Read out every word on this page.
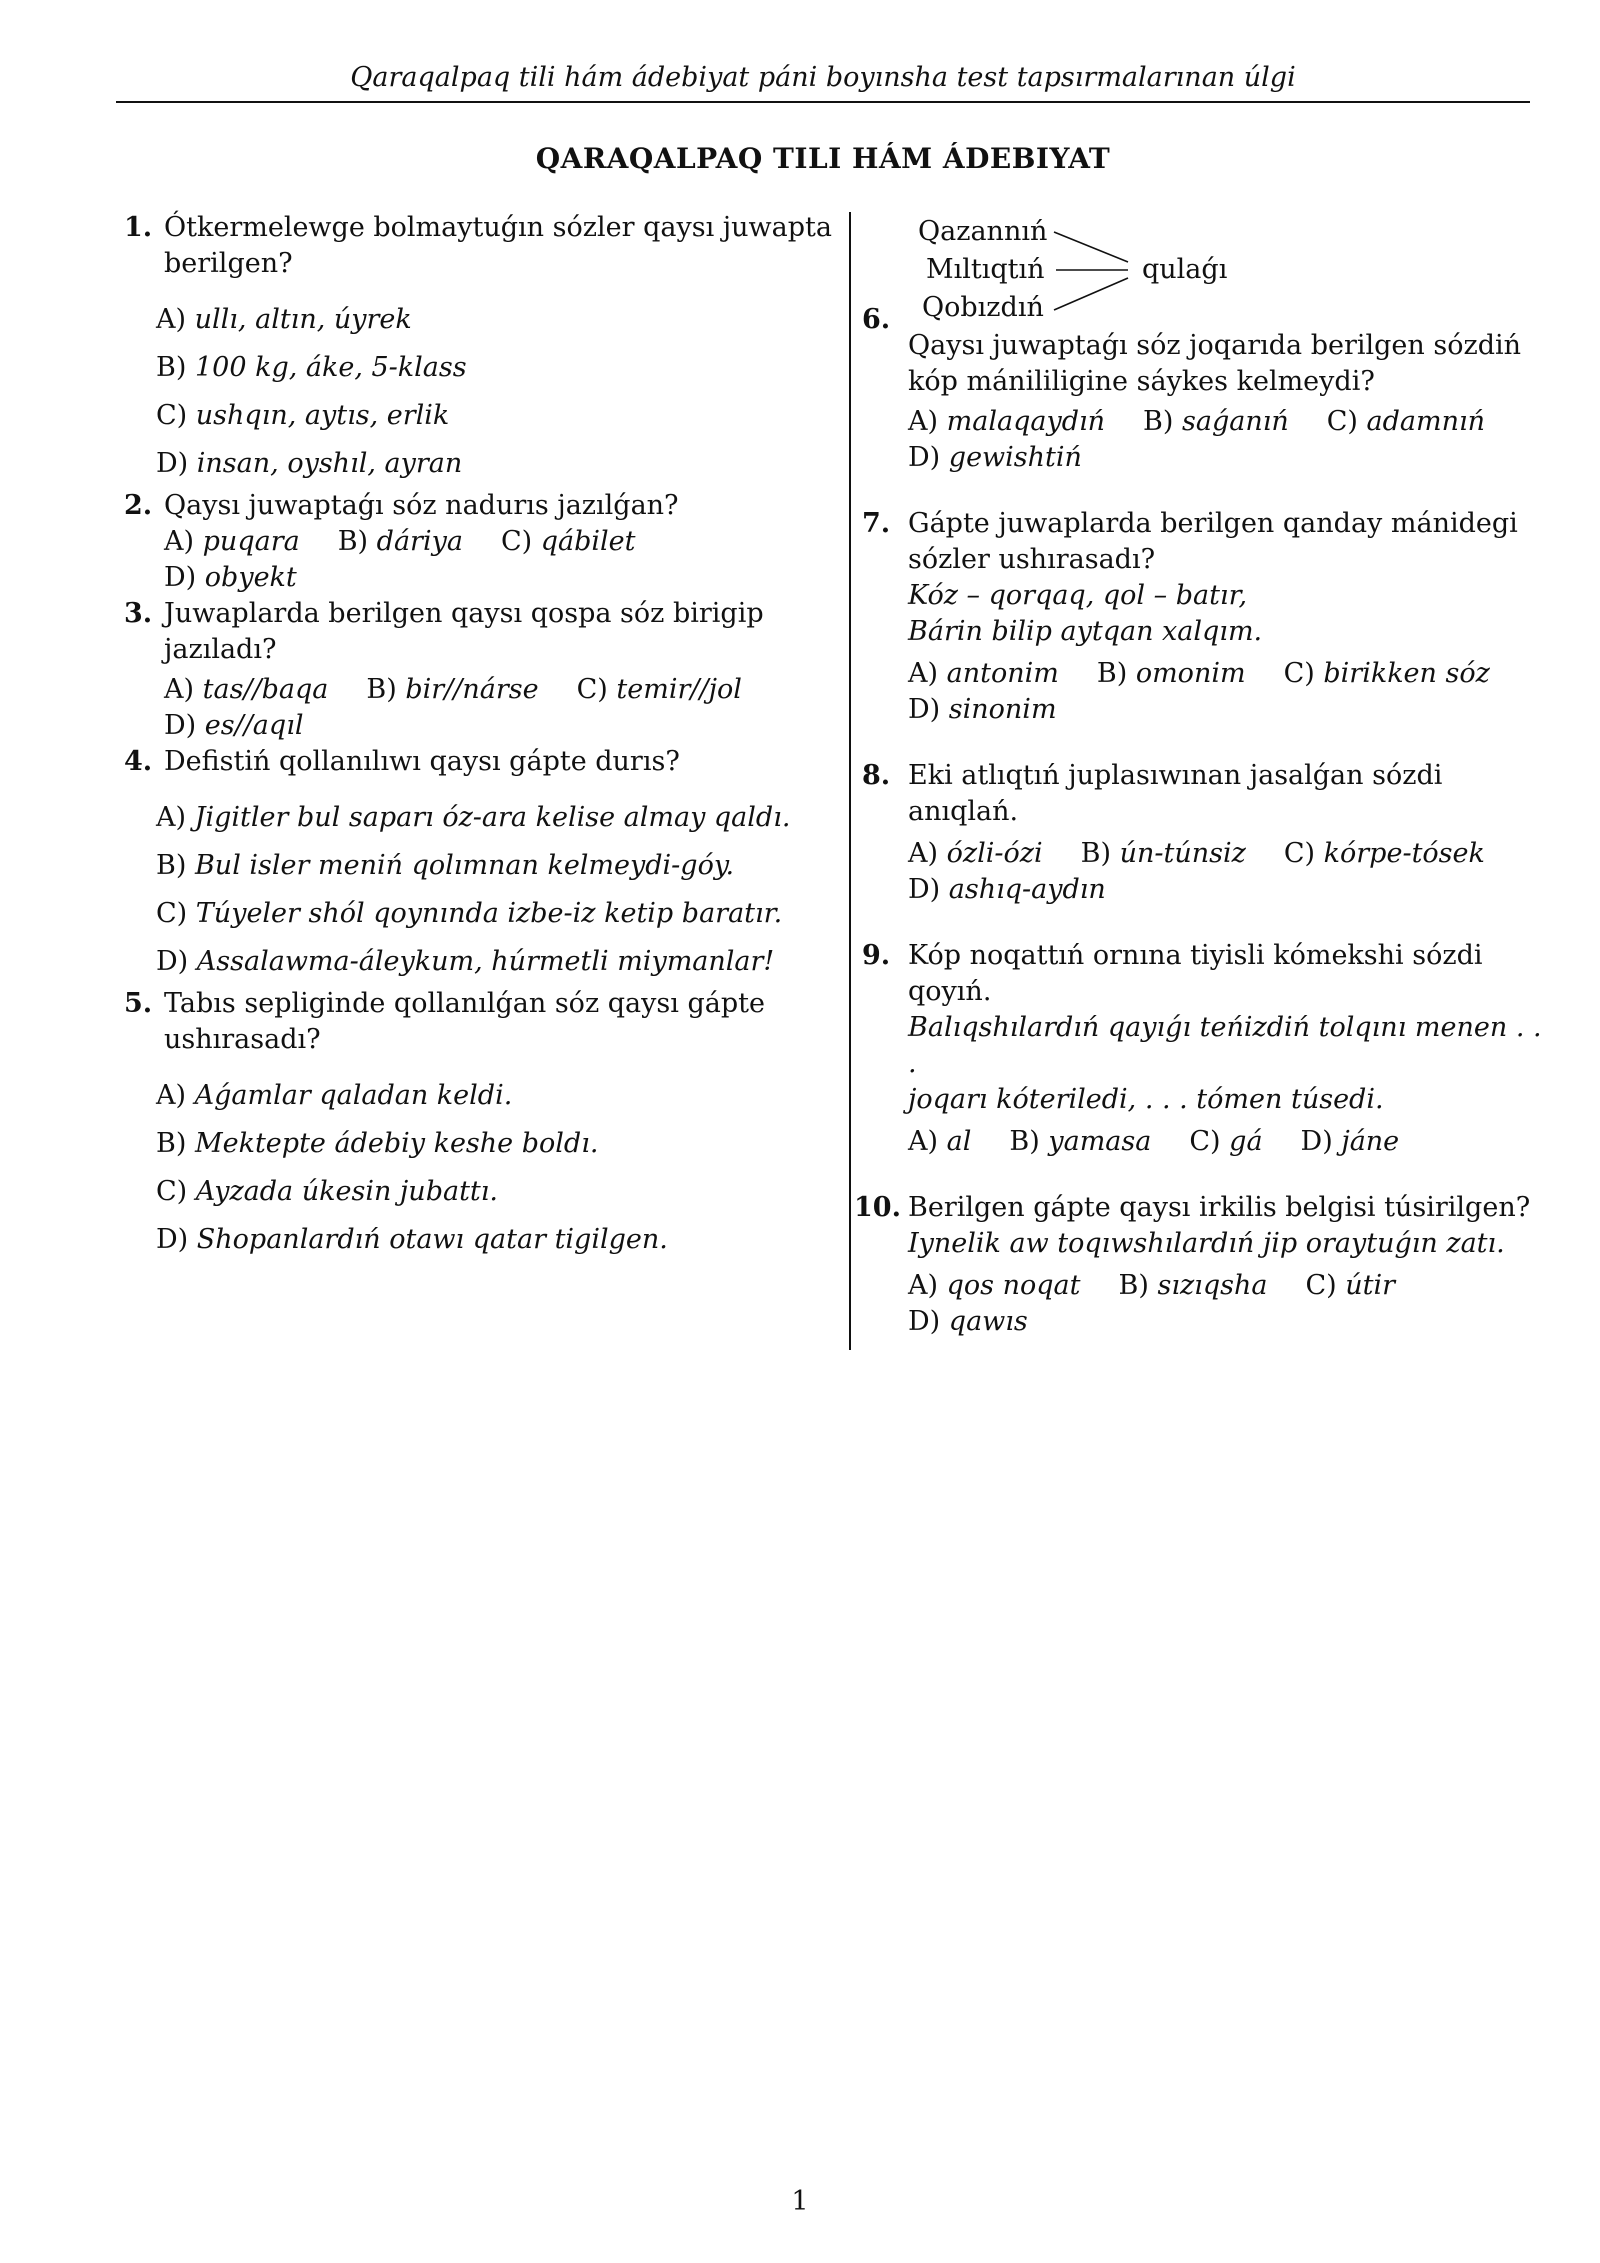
Qaraqalpaq tili hám ádebiyat páni boyınsha test tapsırmalarınan úlgi
QARAQALPAQ TILI HÁM ÁDEBIYAT
1. Ótkermelewge bolmaytuǵın sózler qaysı juwapta berilgen?
A) ullı, altın, úyrek
B) 100 kg, áke, 5-klass
C) ushqın, aytıs, erlik
D) insan, oyshıl, ayran
2. Qaysı juwaptaǵı sóz nadurıs jazılǵan?
A) puqara B) dáriya C) qábilet
D) obyekt
3. Juwaplarda berilgen qaysı qospa sóz birigip jazıladı?
A) tas//baqa B) bir//nárse C) temir//jol
D) es//aqıl
4. Defistiń qollanılıwı qaysı gápte durıs?
A) Jigitler bul saparı óz-ara kelise almay qaldı.
B) Bul isler meniń qolımnan kelmeydi-góy.
C) Túyeler shól qoynında izbe-iz ketip baratır.
D) Assalawma-áleykum, húrmetli miymanlar!
5. Tabıs sepliginde qollanılǵan sóz qaysı gápte ushırasadı?
A) Aǵamlar qaladan keldi.
B) Mektepte ádebiy keshe boldı.
C) Ayzada úkesin jubattı.
D) Shopanlardıń otawı qatar tigilgen.
6.
Qazannıń
Mıltıqtıń
Qobızdıń
qulaǵı
Qaysı juwaptaǵı sóz joqarıda berilgen sózdiń kóp mánililigine sáykes kelmeydi?
A) malaqaydıń B) saǵanıń C) adamnıń
D) gewishtiń
7. Gápte juwaplarda berilgen qanday mánidegi sózler ushırasadı?
Kóz – qorqaq, qol – batır,
Bárin bilip aytqan xalqım.
A) antonim B) omonim C) birikken sóz
D) sinonim
8. Eki atlıqtıń juplasıwınan jasalǵan sózdi anıqlań.
A) ózli-ózi B) ún-túnsiz C) kórpe-tósek
D) ashıq-aydın
9. Kóp noqattıń ornına tiyisli kómekshi sózdi qoyıń.
Balıqshılardıń qayıǵı teńizdiń tolqını menen . . .
joqarı kóteriledi, . . . tómen túsedi.
A) al B) yamasa C) gá D) jáne
10. Berilgen gápte qaysı irkilis belgisi túsirilgen?
Iynelik aw toqıwshılardıń jip oraytuǵın zatı.
A) qos noqat B) sızıqsha C) útir
D) qawıs
1
